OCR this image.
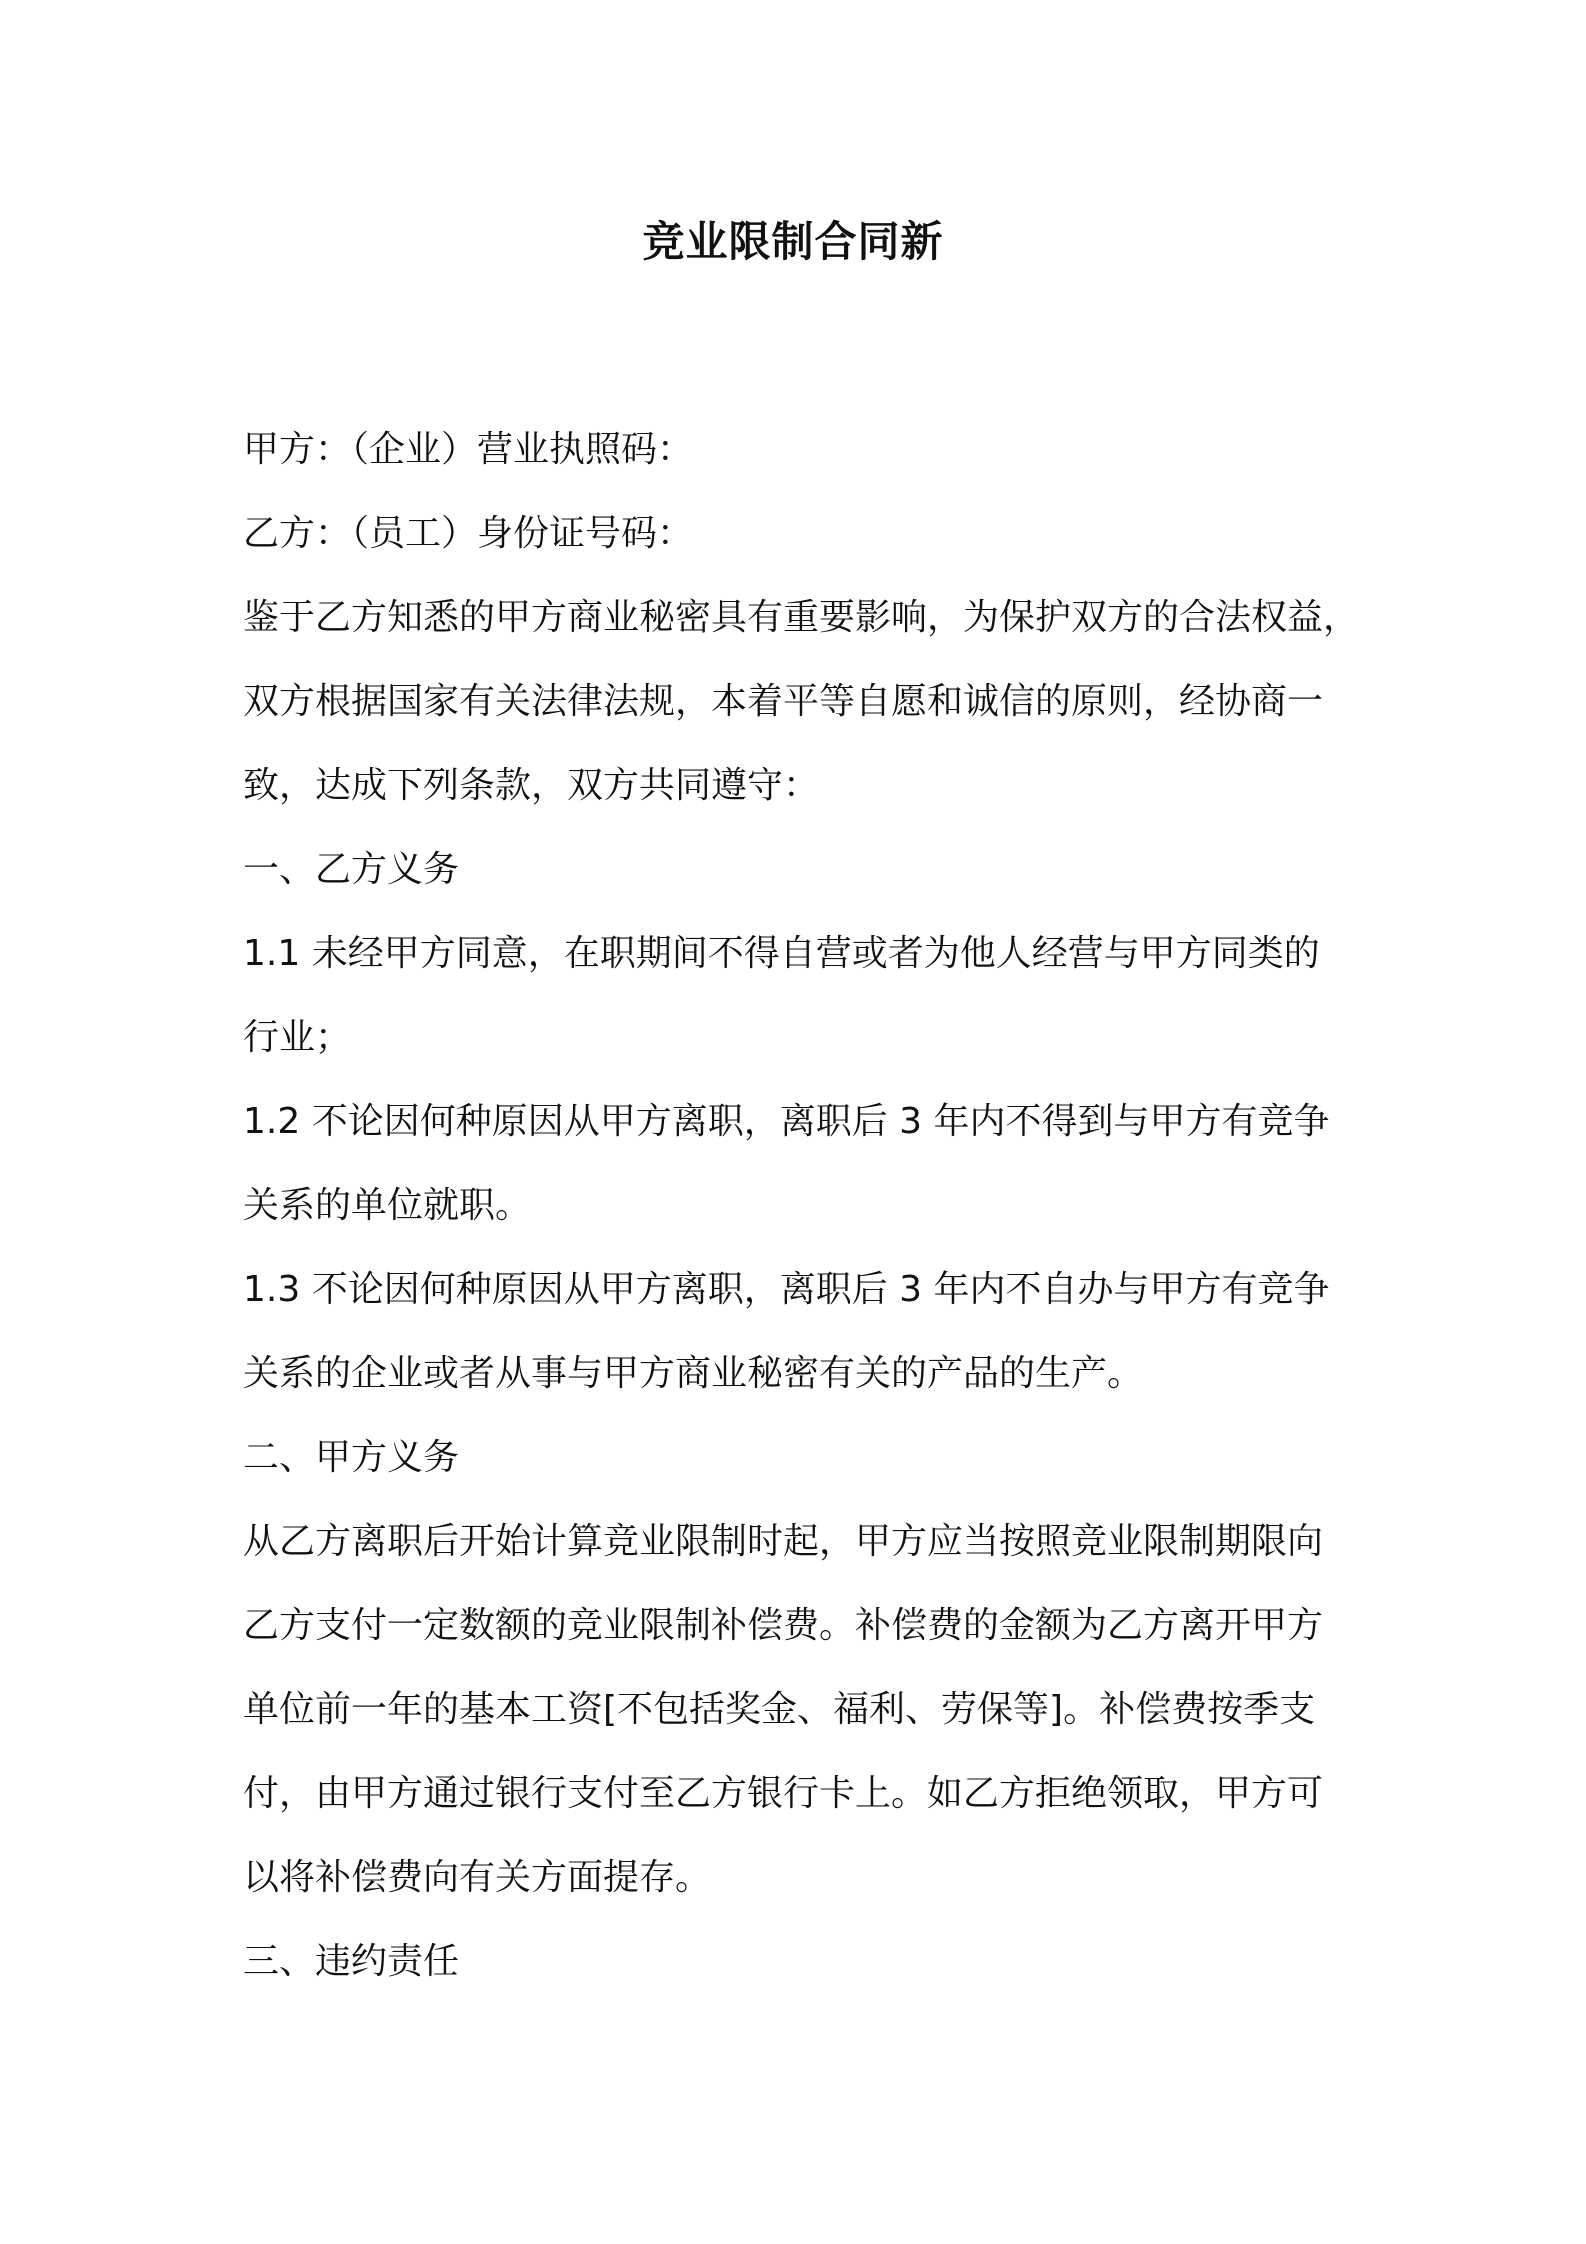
竞业限制合同新
甲方：（企业）营业执照码：
乙方：（员工）身份证号码：
鉴于乙方知悉的甲方商业秘密具有重要影响，为保护双方的合法权益，
双方根据国家有关法律法规，本着平等自愿和诚信的原则，经协商一
致，达成下列条款，双方共同遵守：
一、乙方义务
1.1 未经甲方同意，在职期间不得自营或者为他人经营与甲方同类的
行业；
1.2 不论因何种原因从甲方离职，离职后 3 年内不得到与甲方有竞争
关系的单位就职。
1.3 不论因何种原因从甲方离职，离职后 3 年内不自办与甲方有竞争
关系的企业或者从事与甲方商业秘密有关的产品的生产。
二、甲方义务
从乙方离职后开始计算竞业限制时起，甲方应当按照竞业限制期限向
乙方支付一定数额的竞业限制补偿费。补偿费的金额为乙方离开甲方
单位前一年的基本工资[不包括奖金、福利、劳保等]。补偿费按季支
付，由甲方通过银行支付至乙方银行卡上。如乙方拒绝领取，甲方可
以将补偿费向有关方面提存。
三、违约责任
